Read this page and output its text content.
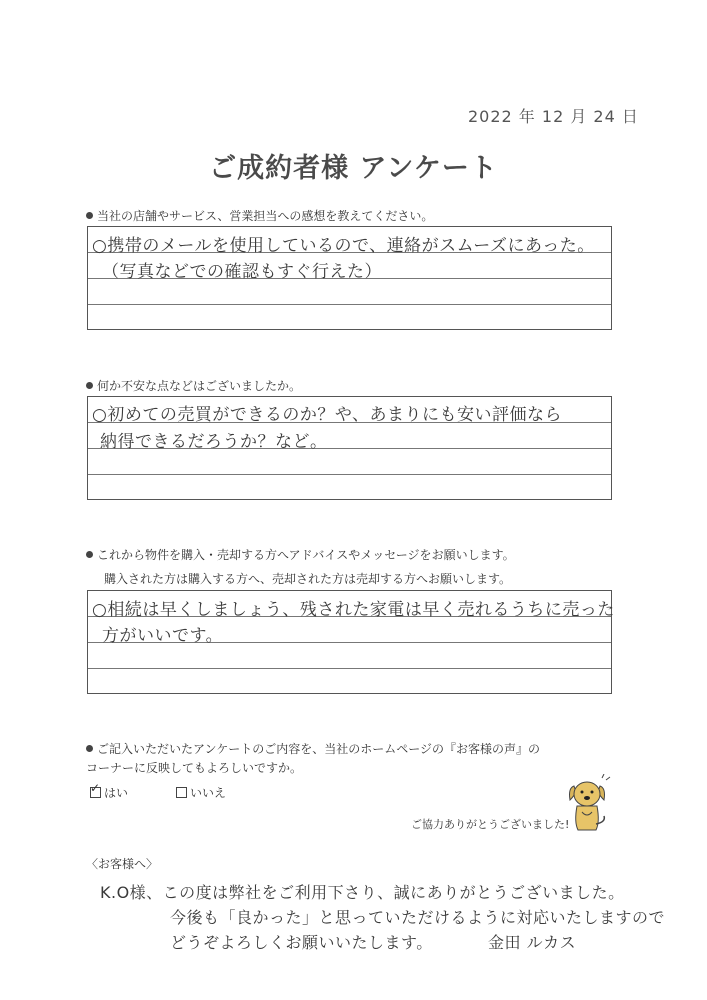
2022 年 12 月 24 日
ご成約者様 アンケート
当社の店舗やサービス、営業担当への感想を教えてください。
○携帯のメールを使用しているので、連絡がスムーズにあった。
（写真などでの確認もすぐ行えた）
何か不安な点などはございましたか。
○初めての売買ができるのか？や、あまりにも安い評価なら
納得できるだろうか？など。
これから物件を購入・売却する方へアドバイスやメッセージをお願いします。
購入された方は購入する方へ、売却された方は売却する方へお願いします。
○相続は早くしましょう、残された家電は早く売れるうちに売った
方がいいです。
ご記入いただいたアンケートのご内容を、当社のホームページの『お客様の声』の
コーナーに反映してもよろしいですか。
✓はい	いいえ
ご協力ありがとうございました!
〈お客様へ〉
K.O様、この度は弊社をご利用下さり、誠にありがとうございました。
今後も「良かった」と思っていただけるように対応いたしますので
どうぞよろしくお願いいたします。	金田 ルカス
